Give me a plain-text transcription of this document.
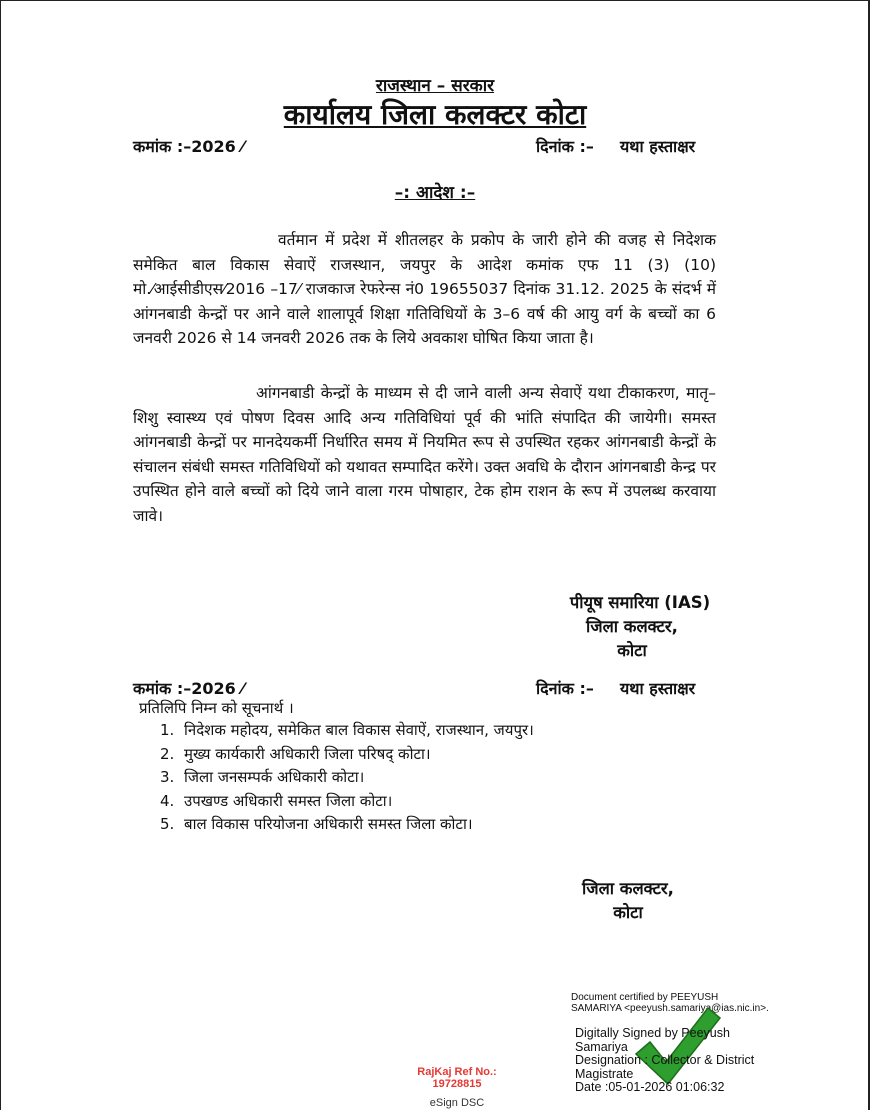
राजस्थान – सरकार
कार्यालय जिला कलक्टर कोटा
कमांक :–2026 ⁄	दिनांक :– यथा हस्ताक्षर
–: आदेश :–
वर्तमान में प्रदेश में शीतलहर के प्रकोप के जारी होने की वजह से निदेशक समेकित बाल विकास सेवाऐं राजस्थान, जयपुर के आदेश कमांक एफ 11 (3) (10) मो.⁄आईसीडीएस⁄2016 –17⁄ राजकाज रेफरेन्स नं0 19655037 दिनांक 31.12. 2025 के संदर्भ में आंगनबाडी केन्द्रों पर आने वाले शालापूर्व शिक्षा गतिविधियों के 3–6 वर्ष की आयु वर्ग के बच्चों का 6 जनवरी 2026 से 14 जनवरी 2026 तक के लिये अवकाश घोषित किया जाता है।
आंगनबाडी केन्द्रों के माध्यम से दी जाने वाली अन्य सेवाऐं यथा टीकाकरण, मातृ–शिशु स्वास्थ्य एवं पोषण दिवस आदि अन्य गतिविधियां पूर्व की भांति संपादित की जायेगी। समस्त आंगनबाडी केन्द्रों पर मानदेयकर्मी निर्धारित समय में नियमित रूप से उपस्थित रहकर आंगनबाडी केन्द्रों के संचालन संबंधी समस्त गतिविधियों को यथावत सम्पादित करेंगे। उक्त अवधि के दौरान आंगनबाडी केन्द्र पर उपस्थित होने वाले बच्चों को दिये जाने वाला गरम पोषाहार, टेक होम राशन के रूप में उपलब्ध करवाया जावे।
पीयूष समारिया (IAS)
जिला कलक्टर,
कोटा
कमांक :–2026 ⁄	दिनांक :– यथा हस्ताक्षर
प्रतिलिपि निम्न को सूचनार्थ ।
1. निदेशक महोदय, समेकित बाल विकास सेवाऐं, राजस्थान, जयपुर।
2. मुख्य कार्यकारी अधिकारी जिला परिषद् कोटा।
3. जिला जनसम्पर्क अधिकारी कोटा।
4. उपखण्ड अधिकारी समस्त जिला कोटा।
5. बाल विकास परियोजना अधिकारी समस्त जिला कोटा।
जिला कलक्टर,
कोटा
Document certified by PEEYUSH
SAMARIYA <peeyush.samariya@ias.nic.in>.
Digitally Signed by Peeyush
Samariya
Designation : Collector & District
Magistrate
Date :05-01-2026 01:06:32
RajKaj Ref No.:
19728815
eSign DSC
